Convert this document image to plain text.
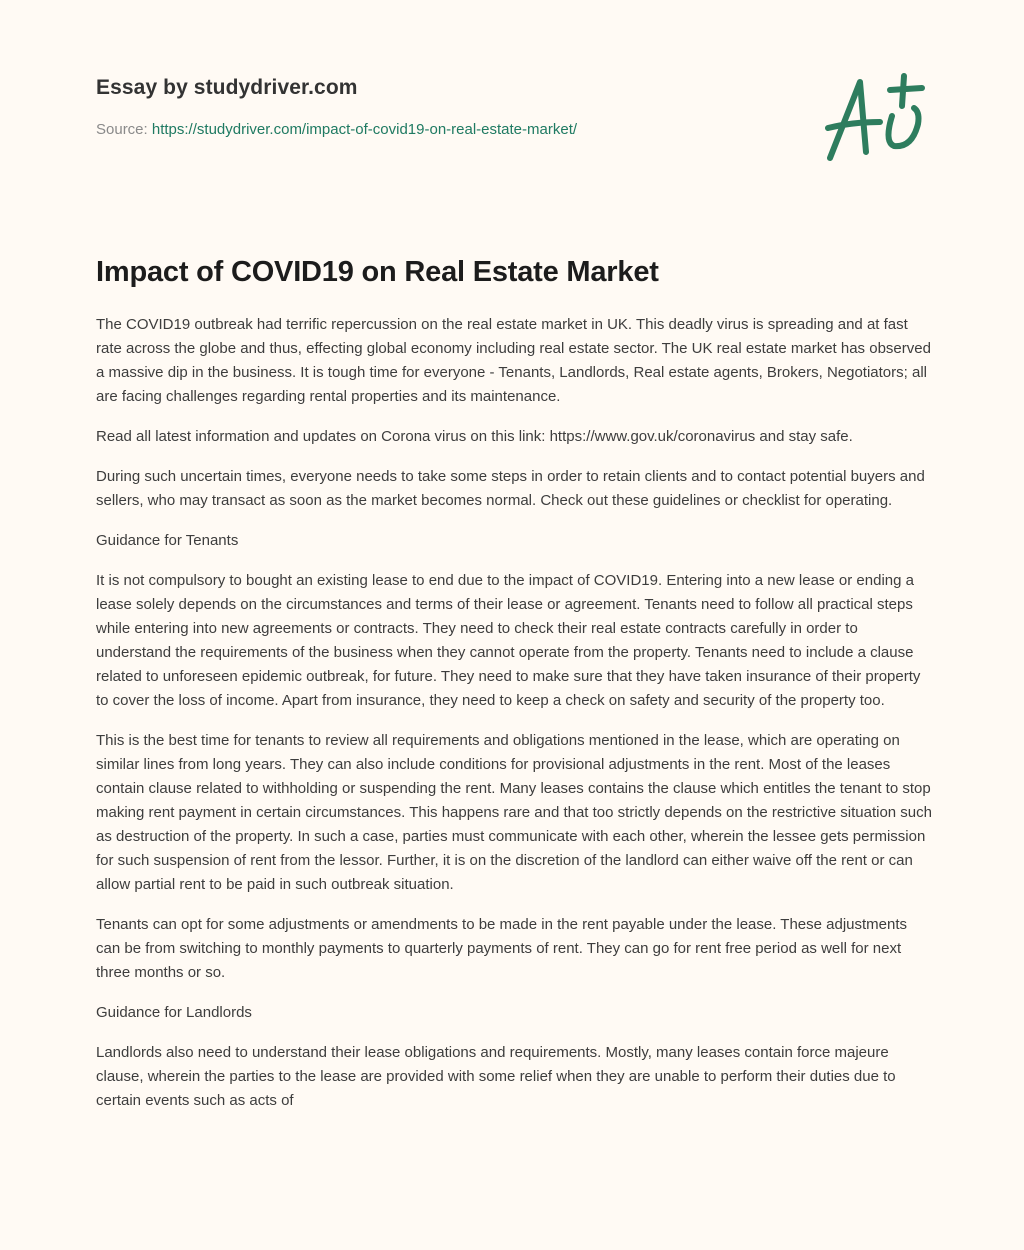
Essay by studydriver.com
Source: https://studydriver.com/impact-of-covid19-on-real-estate-market/
Impact of COVID19 on Real Estate Market

The COVID19 outbreak had terrific repercussion on the real estate market in UK. This deadly virus is spreading and at fast rate across the globe and thus, effecting global economy including real estate sector. The UK real estate market has observed a massive dip in the business. It is tough time for everyone - Tenants, Landlords, Real estate agents, Brokers, Negotiators; all are facing challenges regarding rental properties and its maintenance.

Read all latest information and updates on Corona virus on this link: https://www.gov.uk/coronavirus and stay safe.

During such uncertain times, everyone needs to take some steps in order to retain clients and to contact potential buyers and sellers, who may transact as soon as the market becomes normal. Check out these guidelines or checklist for operating.

Guidance for Tenants

It is not compulsory to bought an existing lease to end due to the impact of COVID19. Entering into a new lease or ending a lease solely depends on the circumstances and terms of their lease or agreement. Tenants need to follow all practical steps while entering into new agreements or contracts. They need to check their real estate contracts carefully in order to understand the requirements of the business when they cannot operate from the property. Tenants need to include a clause related to unforeseen epidemic outbreak, for future. They need to make sure that they have taken insurance of their property to cover the loss of income. Apart from insurance, they need to keep a check on safety and security of the property too.

This is the best time for tenants to review all requirements and obligations mentioned in the lease, which are operating on similar lines from long years. They can also include conditions for provisional adjustments in the rent. Most of the leases contain clause related to withholding or suspending the rent. Many leases contains the clause which entitles the tenant to stop making rent payment in certain circumstances. This happens rare and that too strictly depends on the restrictive situation such as destruction of the property. In such a case, parties must communicate with each other, wherein the lessee gets permission for such suspension of rent from the lessor. Further, it is on the discretion of the landlord can either waive off the rent or can allow partial rent to be paid in such outbreak situation.

Tenants can opt for some adjustments or amendments to be made in the rent payable under the lease. These adjustments can be from switching to monthly payments to quarterly payments of rent. They can go for rent free period as well for next three months or so.

Guidance for Landlords

Landlords also need to understand their lease obligations and requirements. Mostly, many leases contain force majeure clause, wherein the parties to the lease are provided with some relief when they are unable to perform their duties due to certain events such as acts of
